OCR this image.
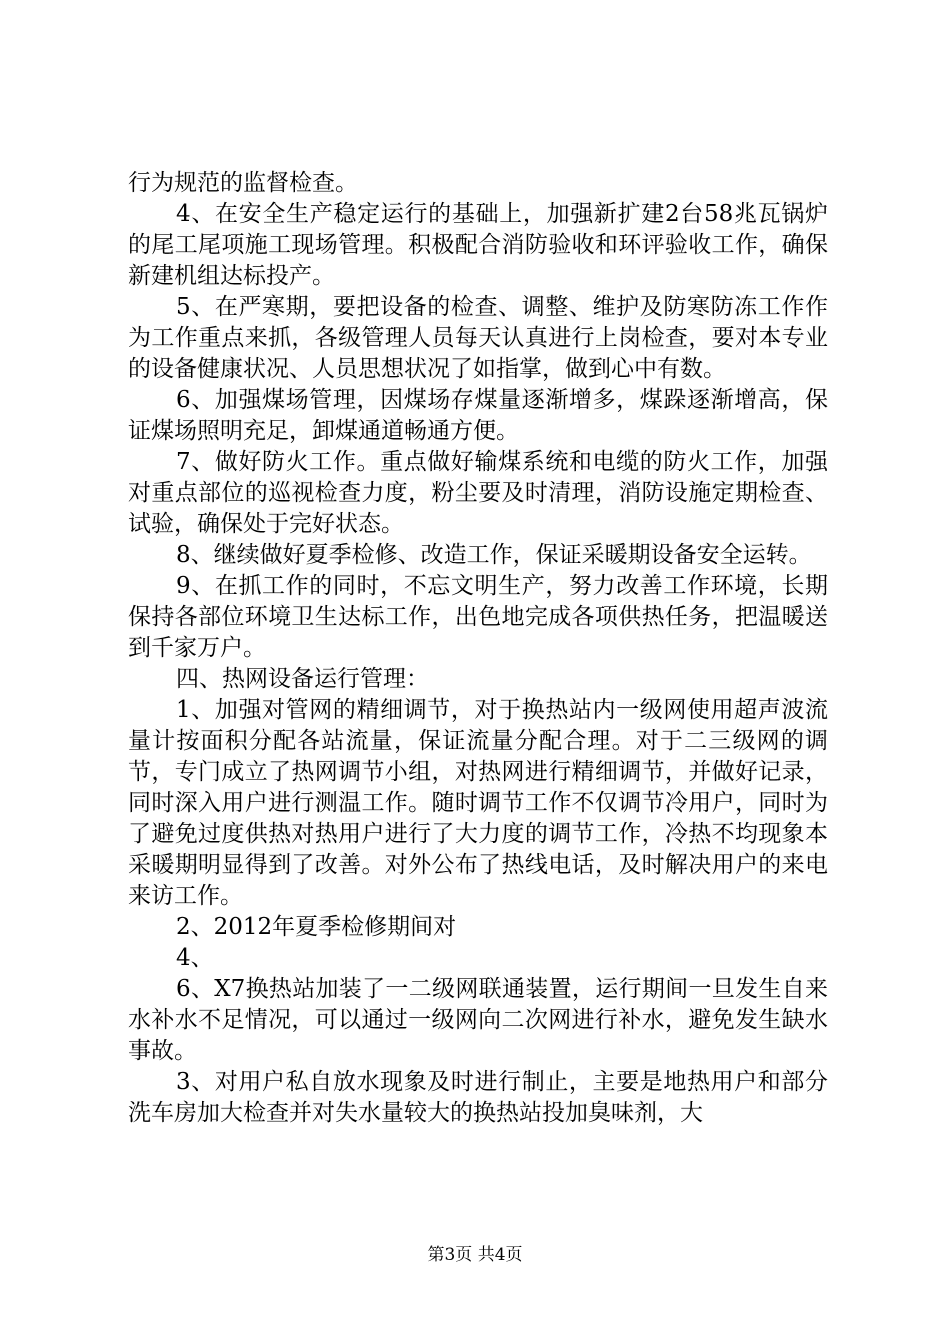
行为规范的监督检查。

4、在安全生产稳定运行的基础上，加强新扩建2台58兆瓦锅炉的尾工尾项施工现场管理。积极配合消防验收和环评验收工作，确保新建机组达标投产。

5、在严寒期，要把设备的检查、调整、维护及防寒防冻工作作为工作重点来抓，各级管理人员每天认真进行上岗检查，要对本专业的设备健康状况、人员思想状况了如指掌，做到心中有数。

6、加强煤场管理，因煤场存煤量逐渐增多，煤跺逐渐增高，保证煤场照明充足，卸煤通道畅通方便。

7、做好防火工作。重点做好输煤系统和电缆的防火工作，加强对重点部位的巡视检查力度，粉尘要及时清理，消防设施定期检查、试验，确保处于完好状态。

8、继续做好夏季检修、改造工作，保证采暖期设备安全运转。

9、在抓工作的同时，不忘文明生产，努力改善工作环境，长期保持各部位环境卫生达标工作，出色地完成各项供热任务，把温暖送到千家万户。

四、热网设备运行管理：

1、加强对管网的精细调节，对于换热站内一级网使用超声波流量计按面积分配各站流量，保证流量分配合理。对于二三级网的调节，专门成立了热网调节小组，对热网进行精细调节，并做好记录，同时深入用户进行测温工作。随时调节工作不仅调节冷用户，同时为了避免过度供热对热用户进行了大力度的调节工作，冷热不均现象本采暖期明显得到了改善。对外公布了热线电话，及时解决用户的来电来访工作。

2、2012年夏季检修期间对

4、

6、X7换热站加装了一二级网联通装置，运行期间一旦发生自来水补水不足情况，可以通过一级网向二次网进行补水，避免发生缺水事故。

3、对用户私自放水现象及时进行制止，主要是地热用户和部分洗车房加大检查并对失水量较大的换热站投加臭味剂，大

第3页 共4页
